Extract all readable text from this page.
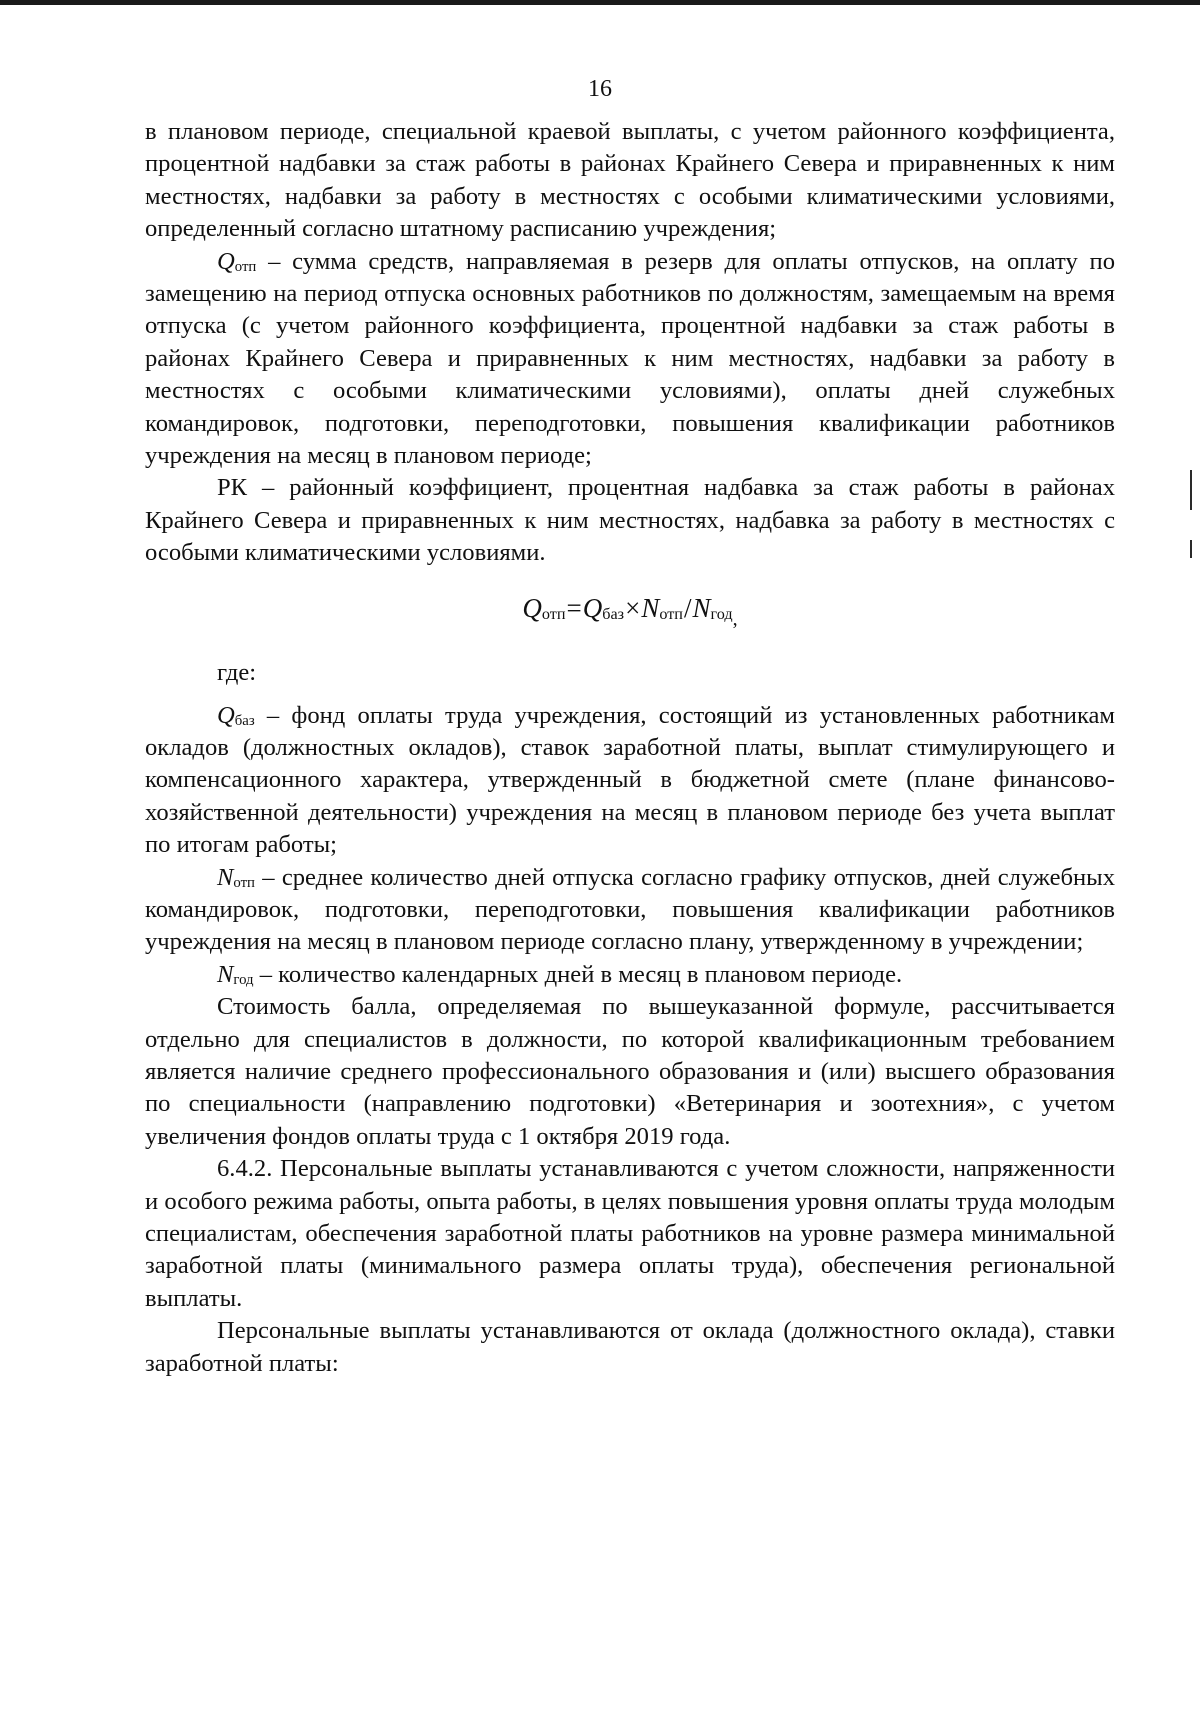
16

в плановом периоде, специальной краевой выплаты, с учетом районного коэффициента, процентной надбавки за стаж работы в районах Крайнего Севера и приравненных к ним местностях, надбавки за работу в местностях с особыми климатическими условиями, определенный согласно штатному расписанию учреждения;

$Q_{отп}$ – сумма средств, направляемая в резерв для оплаты отпусков, на оплату по замещению на период отпуска основных работников по должностям, замещаемым на время отпуска (с учетом районного коэффициента, процентной надбавки за стаж работы в районах Крайнего Севера и приравненных к ним местностях, надбавки за работу в местностях с особыми климатическими условиями), оплаты дней служебных командировок, подготовки, переподготовки, повышения квалификации работников учреждения на месяц в плановом периоде;

РК – районный коэффициент, процентная надбавка за стаж работы в районах Крайнего Севера и приравненных к ним местностях, надбавка за работу в местностях с особыми климатическими условиями.

$Q_{отп}=Q_{баз}\times N_{отп}/N_{год,}$

где:

$Q_{баз}$ – фонд оплаты труда учреждения, состоящий из установленных работникам окладов (должностных окладов), ставок заработной платы, выплат стимулирующего и компенсационного характера, утвержденный в бюджетной смете (плане финансово-хозяйственной деятельности) учреждения на месяц в плановом периоде без учета выплат по итогам работы;

$N_{отп}$ – среднее количество дней отпуска согласно графику отпусков, дней служебных командировок, подготовки, переподготовки, повышения квалификации работников учреждения на месяц в плановом периоде согласно плану, утвержденному в учреждении;

$N_{год}$ – количество календарных дней в месяц в плановом периоде.

Стоимость балла, определяемая по вышеуказанной формуле, рассчитывается отдельно для специалистов в должности, по которой квалификационным требованием является наличие среднего профессионального образования и (или) высшего образования по специальности (направлению подготовки) «Ветеринария и зоотехния», с учетом увеличения фондов оплаты труда с 1 октября 2019 года.

6.4.2. Персональные выплаты устанавливаются с учетом сложности, напряженности и особого режима работы, опыта работы, в целях повышения уровня оплаты труда молодым специалистам, обеспечения заработной платы работников на уровне размера минимальной заработной платы (минимального размера оплаты труда), обеспечения региональной выплаты.

Персональные выплаты устанавливаются от оклада (должностного оклада), ставки заработной платы:
